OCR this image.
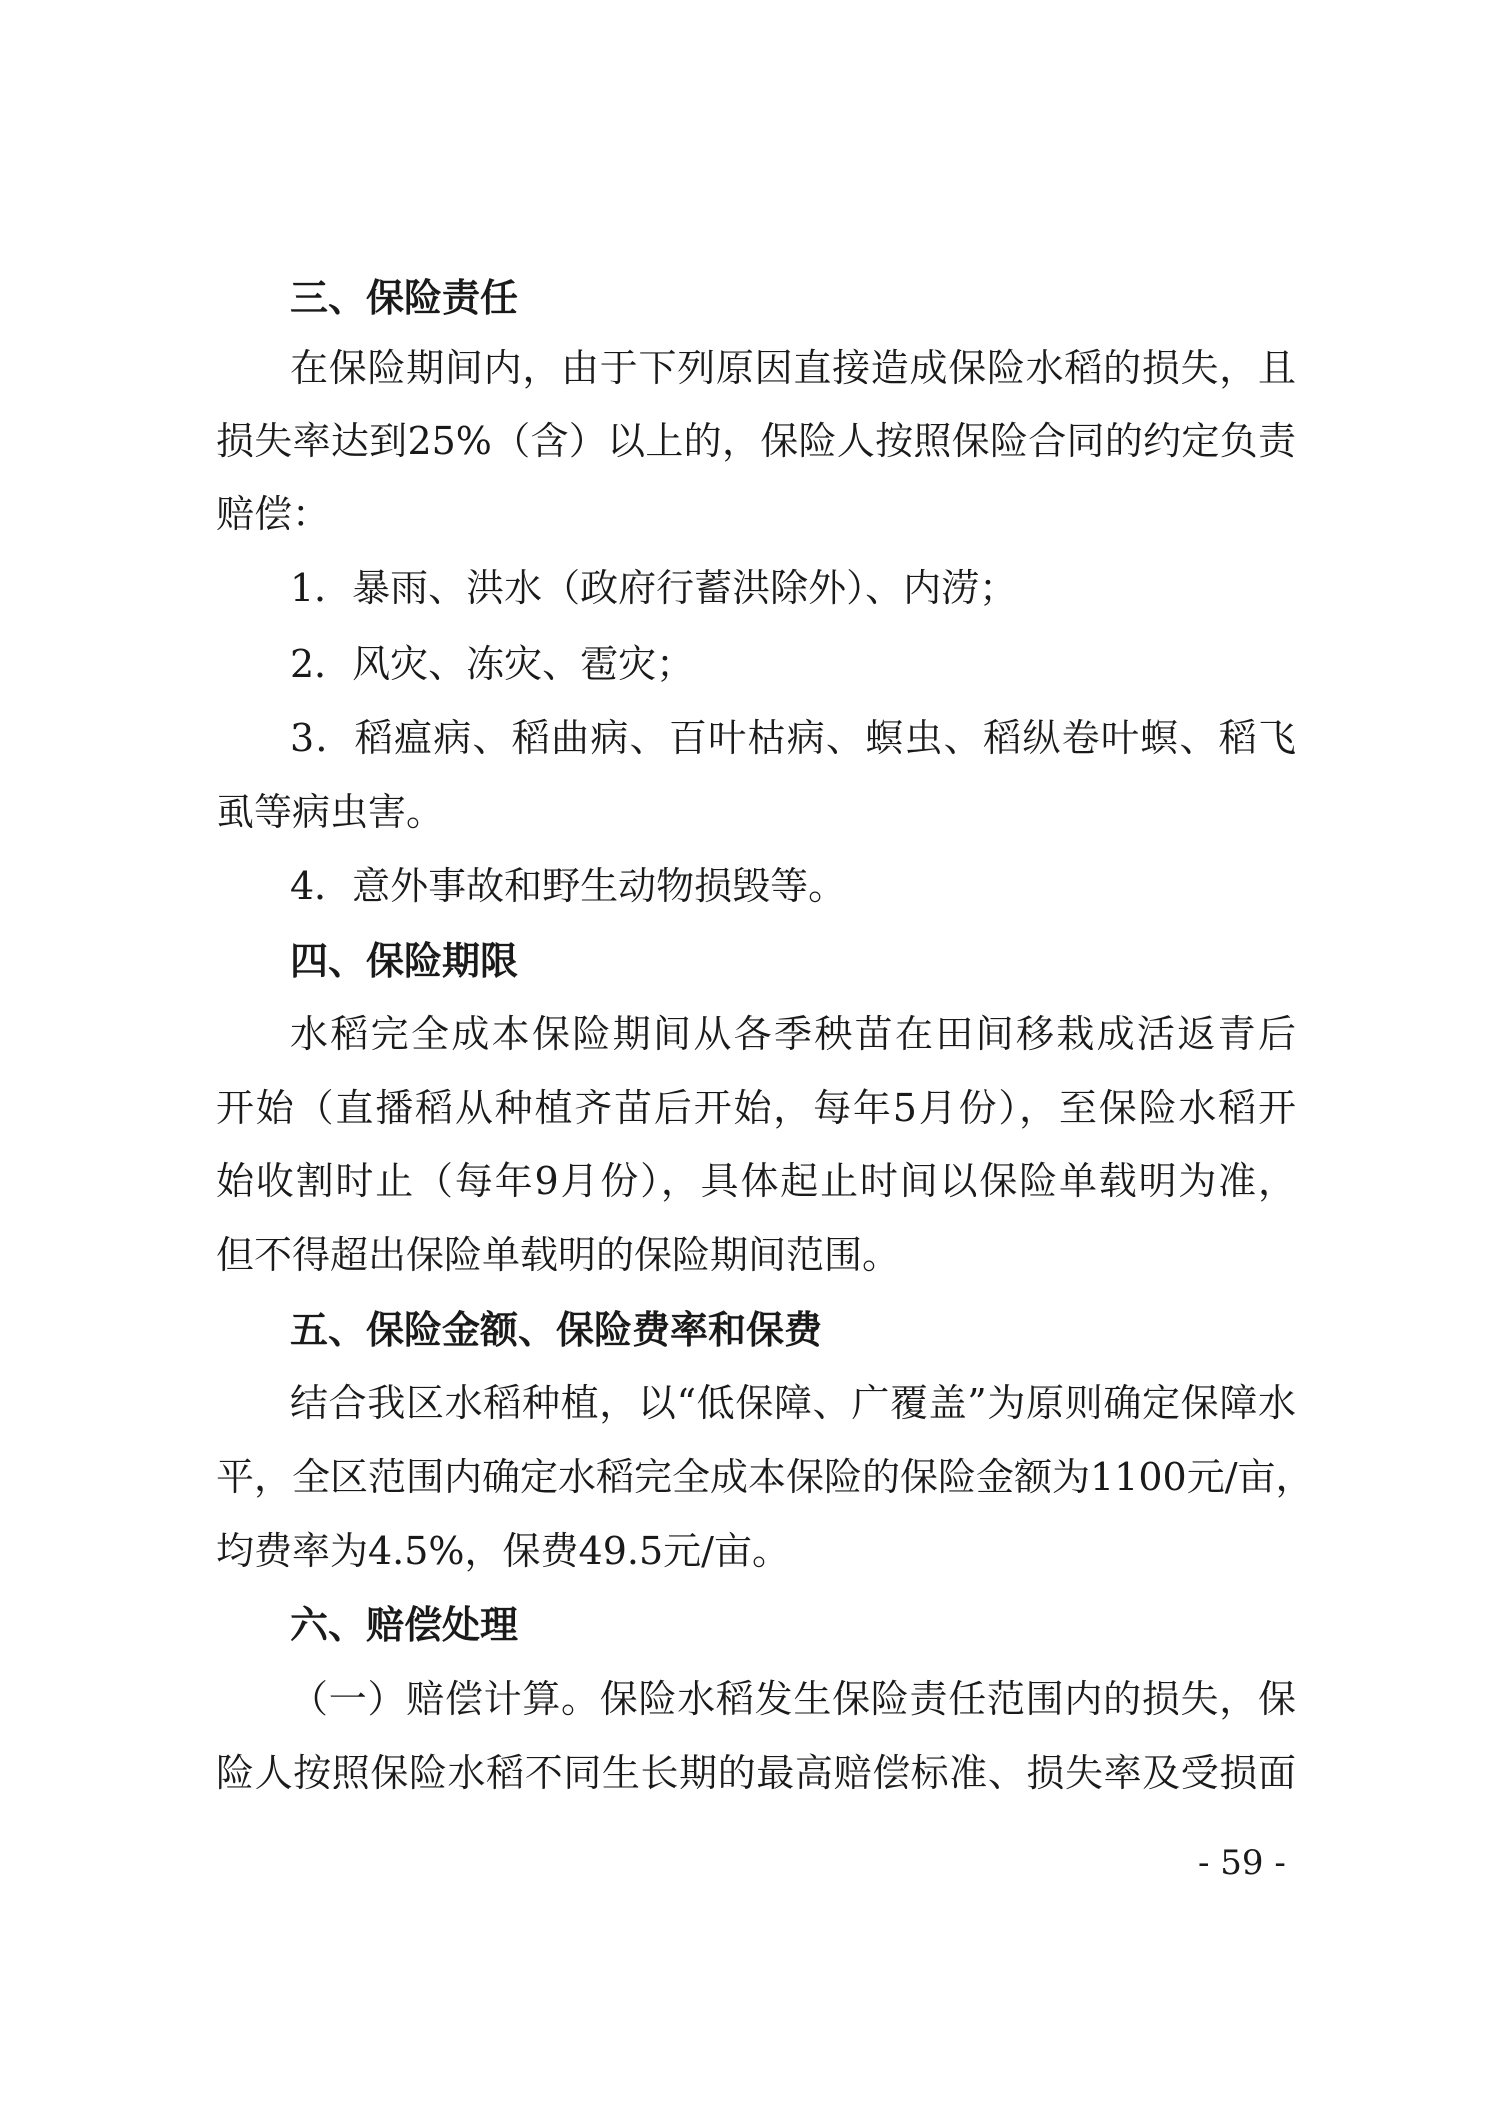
三、保险责任
在保险期间内，由于下列原因直接造成保险水稻的损失，且
损失率达到25%（含）以上的，保险人按照保险合同的约定负责
赔偿：
1．暴雨、洪水（政府行蓄洪除外）、内涝；
2．风灾、冻灾、雹灾；
3．稻瘟病、稻曲病、百叶枯病、螟虫、稻纵卷叶螟、稻飞
虱等病虫害。
4．意外事故和野生动物损毁等。
四、保险期限
水稻完全成本保险期间从各季秧苗在田间移栽成活返青后
开始（直播稻从种植齐苗后开始，每年5月份），至保险水稻开
始收割时止（每年9月份），具体起止时间以保险单载明为准，
但不得超出保险单载明的保险期间范围。
五、保险金额、保险费率和保费
结合我区水稻种植，以“低保障、广覆盖”为原则确定保障水
平，全区范围内确定水稻完全成本保险的保险金额为1100元/亩，
均费率为4.5%，保费49.5元/亩。
六、赔偿处理
（一）赔偿计算。保险水稻发生保险责任范围内的损失，保
险人按照保险水稻不同生长期的最高赔偿标准、损失率及受损面
- 59 -
